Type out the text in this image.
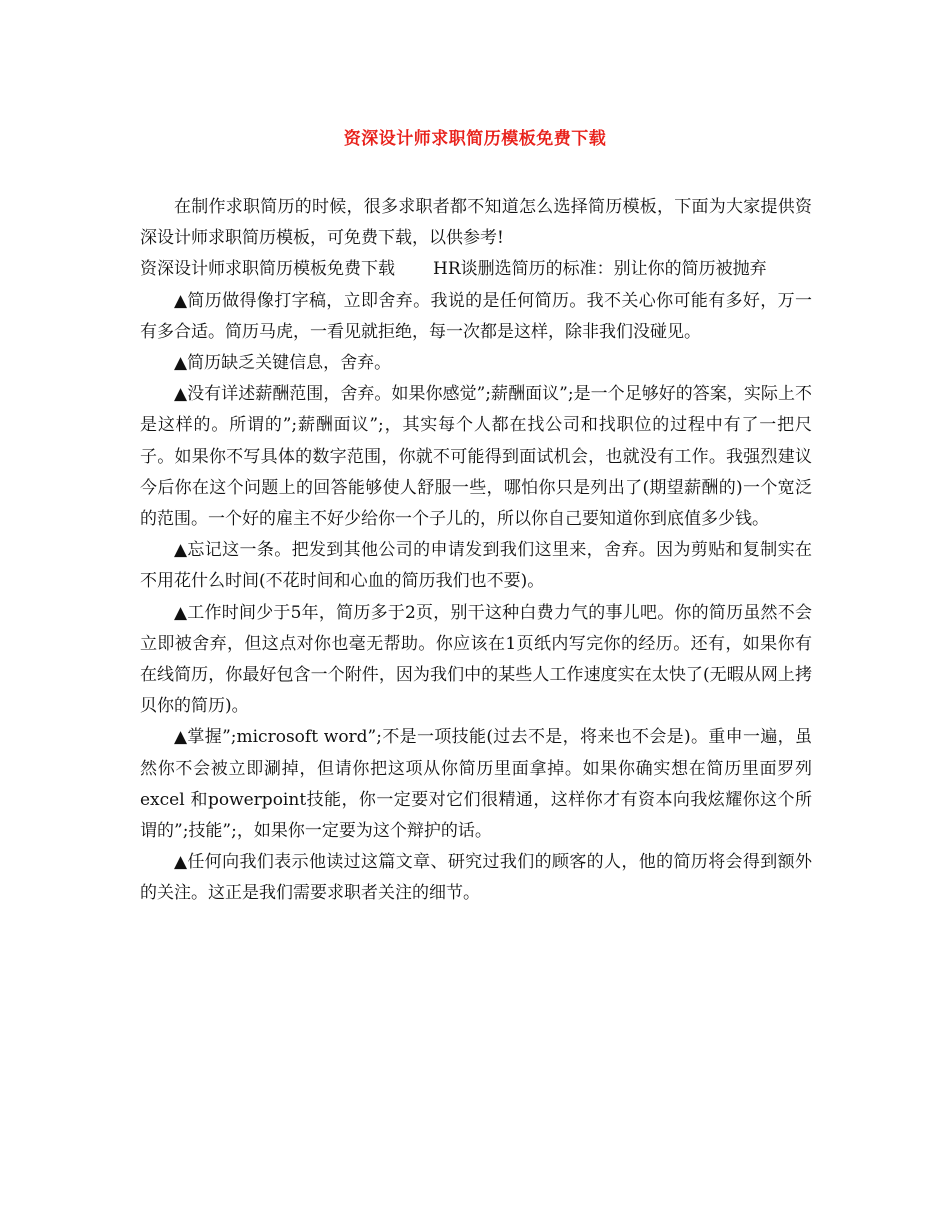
资深设计师求职简历模板免费下载

在制作求职简历的时候，很多求职者都不知道怎么选择简历模板，下面为大家提供资深设计师求职简历模板，可免费下载，以供参考!

资深设计师求职简历模板免费下载 HR谈删选简历的标准：别让你的简历被抛弃

▲简历做得像打字稿，立即舍弃。我说的是任何简历。我不关心你可能有多好，万一有多合适。简历马虎，一看见就拒绝，每一次都是这样，除非我们没碰见。

▲简历缺乏关键信息，舍弃。

▲没有详述薪酬范围，舍弃。如果你感觉”;薪酬面议”;是一个足够好的答案，实际上不是这样的。所谓的”;薪酬面议”;，其实每个人都在找公司和找职位的过程中有了一把尺子。如果你不写具体的数字范围，你就不可能得到面试机会，也就没有工作。我强烈建议今后你在这个问题上的回答能够使人舒服一些，哪怕你只是列出了(期望薪酬的)一个宽泛的范围。一个好的雇主不好少给你一个子儿的，所以你自己要知道你到底值多少钱。

▲忘记这一条。把发到其他公司的申请发到我们这里来，舍弃。因为剪贴和复制实在不用花什么时间(不花时间和心血的简历我们也不要)。

▲工作时间少于5年，简历多于2页，别干这种白费力气的事儿吧。你的简历虽然不会立即被舍弃，但这点对你也毫无帮助。你应该在1页纸内写完你的经历。还有，如果你有在线简历，你最好包含一个附件，因为我们中的某些人工作速度实在太快了(无暇从网上拷贝你的简历)。

▲掌握”;microsoft word”;不是一项技能(过去不是，将来也不会是)。重申一遍，虽然你不会被立即涮掉，但请你把这项从你简历里面拿掉。如果你确实想在简历里面罗列excel 和powerpoint技能，你一定要对它们很精通，这样你才有资本向我炫耀你这个所谓的”;技能”;，如果你一定要为这个辩护的话。

▲任何向我们表示他读过这篇文章、研究过我们的顾客的人，他的简历将会得到额外的关注。这正是我们需要求职者关注的细节。
